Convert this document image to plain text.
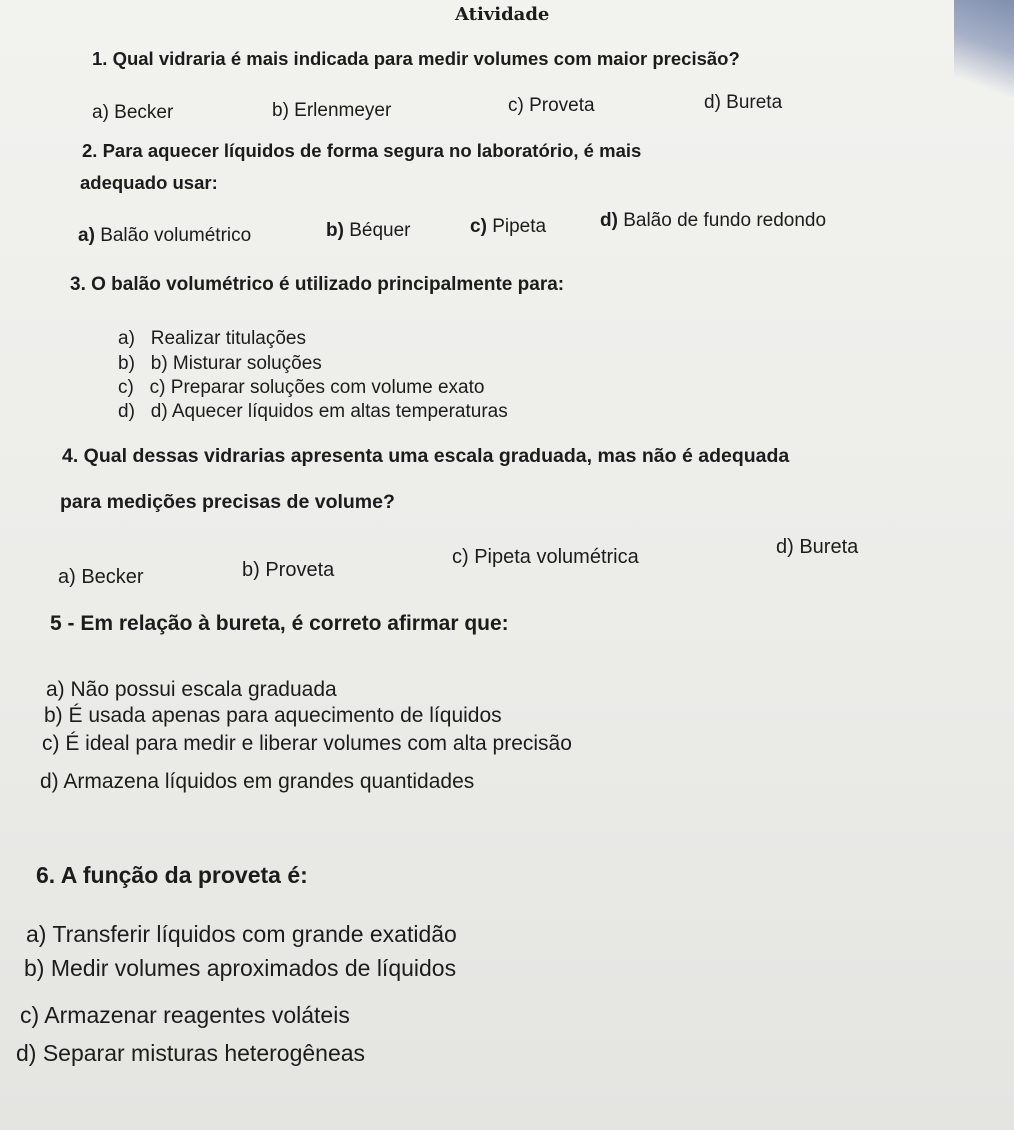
Atividade
1. Qual vidraria é mais indicada para medir volumes com maior precisão?
a) Becker	b) Erlenmeyer	c) Proveta	d) Bureta
2. Para aquecer líquidos de forma segura no laboratório, é mais
adequado usar:
a) Balão volumétrico	b) Béquer	c) Pipeta	d) Balão de fundo redondo
3. O balão volumétrico é utilizado principalmente para:
a) Realizar titulações
b) b) Misturar soluções
c) c) Preparar soluções com volume exato
d) d) Aquecer líquidos em altas temperaturas
4. Qual dessas vidrarias apresenta uma escala graduada, mas não é adequada
para medições precisas de volume?
a) Becker	b) Proveta
c) Pipeta volumétrica	d) Bureta
5 - Em relação à bureta, é correto afirmar que:
a) Não possui escala graduada
b) É usada apenas para aquecimento de líquidos
c) É ideal para medir e liberar volumes com alta precisão
d) Armazena líquidos em grandes quantidades
6. A função da proveta é:
a) Transferir líquidos com grande exatidão
b) Medir volumes aproximados de líquidos
c) Armazenar reagentes voláteis
d) Separar misturas heterogêneas
